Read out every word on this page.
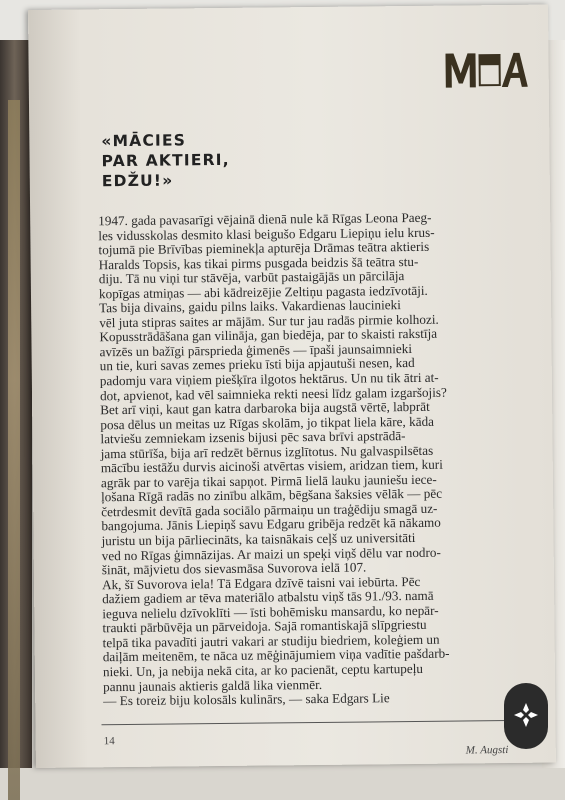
«MĀCIES
PAR AKTIERI,
EDŽU!»
1947. gada pavasarīgi vējainā dienā nule kā Rīgas Leona Paeg-
les vidusskolas desmito klasi beigušo Edgaru Liepiņu ielu krus-
tojumā pie Brīvības pieminekļa apturēja Drāmas teātra aktieris
Haralds Topsis, kas tikai pirms pusgada beidzis šā teātra stu-
diju. Tā nu viņi tur stāvēja, varbūt pastaigājās un pārcilāja
kopīgas atmiņas — abi kādreizējie Zeltiņu pagasta iedzīvotāji.
Tas bija divains, gaidu pilns laiks. Vakardienas laucinieki
vēl juta stipras saites ar mājām. Sur tur jau radās pirmie kolhozi.
Kopusstrādāšana gan vilināja, gan biedēja, par to skaisti rakstīja
avīzēs un bažīgi pārsprieda ģimenēs — īpaši jaunsaimnieki
un tie, kuri savas zemes prieku īsti bija apjautuši nesen, kad
padomju vara viņiem piešķīra ilgotos hektārus. Un nu tik ātri at-
dot, apvienot, kad vēl saimnieka rekti neesi līdz galam izgaršojis?
Bet arī viņi, kaut gan katra darbaroka bija augstā vērtē, labprāt
posa dēlus un meitas uz Rīgas skolām, jo tikpat liela kāre, kāda
latviešu zemniekam izsenis bijusi pēc sava brīvi apstrādā-
jama stūrīša, bija arī redzēt bērnus izglītotus. Nu galvaspilsētas
mācību iestāžu durvis aicinoši atvērtas visiem, aridzan tiem, kuri
agrāk par to varēja tikai sapņot. Pirmā lielā lauku jauniešu iece-
ļošana Rīgā radās no zinību alkām, bēgšana šaksies vēlāk — pēc
četrdesmit devītā gada sociālo pārmaiņu un traģēdiju smagā uz-
bangojuma. Jānis Liepiņš savu Edgaru gribēja redzēt kā nākamo
juristu un bija pārliecināts, ka taisnākais ceļš uz universitāti
ved no Rīgas ģimnāzijas. Ar maizi un speķi viņš dēlu var nodro-
šināt, mājvietu dos sievasmāsa Suvorova ielā 107.
Ak, šī Suvorova iela! Tā Edgara dzīvē taisni vai iebūrta. Pēc
dažiem gadiem ar tēva materiālo atbalstu viņš tās 91./93. namā
ieguva nelielu dzīvoklīti — īsti bohēmisku mansardu, ko nepār-
traukti pārbūvēja un pārveidoja. Sajā romantiskajā slīpgriestu
telpā tika pavadīti jautri vakari ar studiju biedriem, koleģiem un
daiļām meitenēm, te nāca uz mēģinājumiem viņa vadītie pašdarb-
nieki. Un, ja nebija nekā cita, ar ko pacienāt, ceptu kartupeļu
pannu jaunais aktieris galdā lika vienmēr.
— Es toreiz biju kolosāls kulinārs, — saka Edgars Lie
14
M. Augsti
